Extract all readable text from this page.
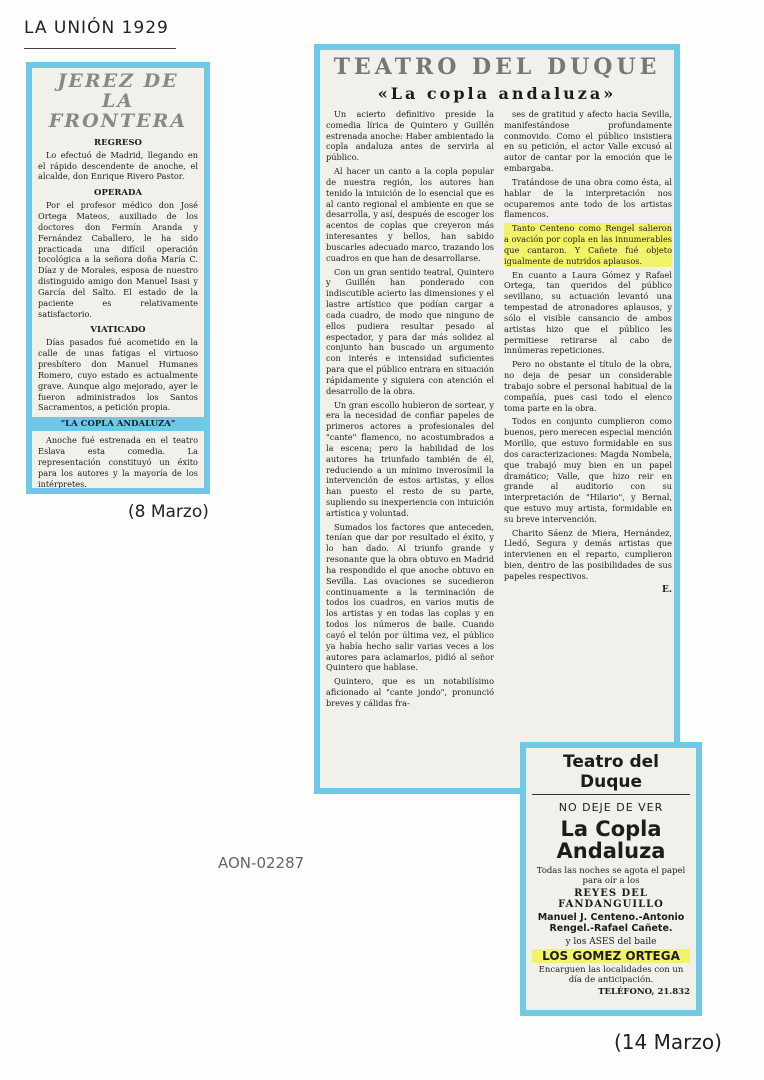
LA UNIÓN 1929
(8 Marzo)
(14 Marzo)
AON-02287
JEREZ DE LA FRONTERA
REGRESO

Lo efectuó de Madrid, llegando en el rápido descendente de anoche, el alcalde, don Enrique Rivero Pastor.

OPERADA

Por el profesor médico don José Ortega Mateos, auxiliado de los doctores don Fermín Aranda y Fernández Caballero, le ha sido practicada una difícil operación tocológica a la señora doña María C. Díaz y de Morales, esposa de nuestro distinguido amigo don Manuel Isasi y García del Salto. El estado de la paciente es relativamente satisfactorio.

VIATICADO

Días pasados fué acometido en la calle de unas fatigas el virtuoso presbítero don Manuel Humanes Romero, cuyo estado es actualmente grave. Aunque algo mejorado, ayer le fueron administrados los Santos Sacramentos, a petición propia.

"LA COPLA ANDALUZA"

Anoche fué estrenada en el teatro Eslava esta comedia. La representación constituyó un éxito para los autores y la mayoría de los intérpretes.

TEATRO DEL DUQUE
«La copla andaluza»

Un acierto definitivo preside la comedia lírica de Quintero y Guillén estrenada anoche: Haber ambientado la copla andaluza antes de servirla al público.

Al hacer un canto a la copla popular de nuestra región, los autores han tenido la intuición de lo esencial que es al canto regional el ambiente en que se desarrolla, y así, después de escoger los acentos de coplas que creyeron más interesantes y bellos, han sabido buscarles adecuado marco, trazando los cuadros en que han de desarrollarse.

Con un gran sentido teatral, Quintero y Guillén han ponderado con indiscutible acierto las dimensiones y el lastre artístico que podían cargar a cada cuadro, de modo que ninguno de ellos pudiera resultar pesado al espectador, y para dar más solidez al conjunto han buscado un argumento con interés e intensidad suficientes para que el público entrara en situación rápidamente y siguiera con atención el desarrollo de la obra.

Un gran escollo hubieron de sortear, y era la necesidad de confiar papeles de primeros actores a profesionales del "cante" flamenco, no acostumbrados a la escena; pero la habilidad de los autores ha triunfado también de él, reduciendo a un mínimo inverosímil la intervención de estos artistas, y ellos han puesto el resto de su parte, supliendo su inexperiencia con intuición artística y voluntad.

Sumados los factores que anteceden, tenían que dar por resultado el éxito, y lo han dado. Al triunfo grande y resonante que la obra obtuvo en Madrid ha respondido el que anoche obtuvo en Sevilla. Las ovaciones se sucedieron continuamente a la terminación de todos los cuadros, en varios mutis de los artistas y en todas las coplas y en todos los números de baile. Cuando cayó el telón por última vez, el público ya había hecho salir varias veces a los autores para aclamarlos, pidió al señor Quintero que hablase.

Quintero, que es un notabilísimo aficionado al "cante jondo", pronunció breves y cálidas fra-

ses de gratitud y afecto hacia Sevilla, manifestándose profundamente conmovido. Como el público insistiera en su petición, el actor Valle excusó al autor de cantar por la emoción que le embargaba.

Tratándose de una obra como ésta, al hablar de la interpretación nos ocuparemos ante todo de los artistas flamencos.

Tanto Centeno como Rengel salieron a ovación por copla en las innumerables que cantaron. Y Cañete fué objeto igualmente de nutridos aplausos.

En cuanto a Laura Gómez y Rafael Ortega, tan queridos del público sevillano, su actuación levantó una tempestad de atronadores aplausos, y sólo el visible cansancio de ambos artistas hizo que el público les permitiese retirarse al cabo de innúmeras repeticiones.

Pero no obstante el título de la obra, no deja de pesar un considerable trabajo sobre el personal habitual de la compañía, pues casi todo el elenco toma parte en la obra.

Todos en conjunto cumplieron como buenos, pero merecen especial mención Morillo, que estuvo formidable en sus dos caracterizaciones: Magda Nombela, que trabajó muy bien en un papel dramático; Valle, que hizo reir en grande al auditorio con su interpretación de "Hilario", y Bernal, que estuvo muy artista, formidable en su breve intervención.

Charito Sáenz de Miera, Hernández, Lledó, Segura y demás artistas que intervienen en el reparto, cumplieron bien, dentro de las posibilidades de sus papeles respectivos.

E.
Teatro del Duque
NO DEJE DE VER
La Copla Andaluza
Todas las noches se agota el papel para oír a los
REYES DEL FANDANGUILLO
Manuel J. Centeno.-Antonio Rengel.-Rafael Cañete.
y los ASES del baile
LOS GOMEZ ORTEGA
Encarguen las localidades con un día de anticipación.
TELÉFONO, 21.832
